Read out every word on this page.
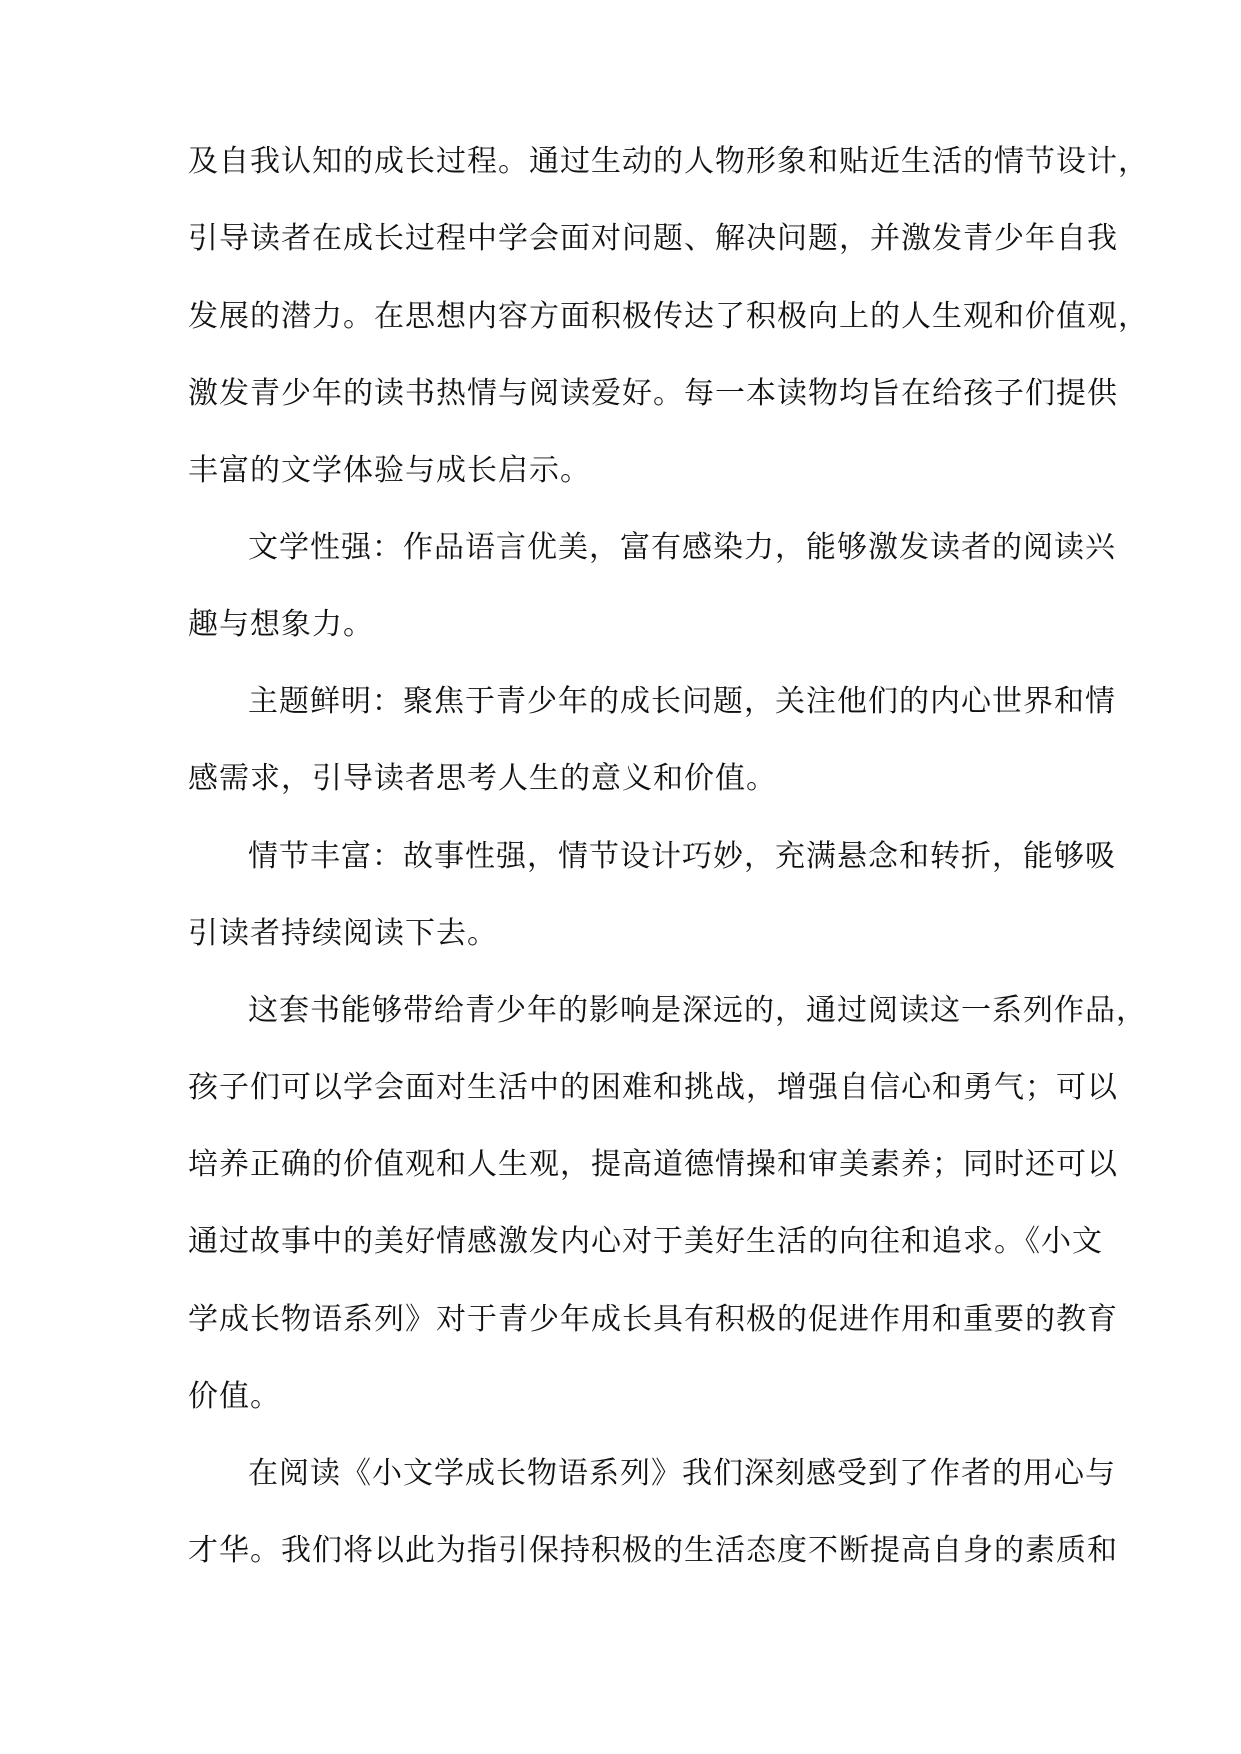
及自我认知的成长过程。通过生动的人物形象和贴近生活的情节设计，
引导读者在成长过程中学会面对问题、解决问题，并激发青少年自我
发展的潜力。在思想内容方面积极传达了积极向上的人生观和价值观，
激发青少年的读书热情与阅读爱好。每一本读物均旨在给孩子们提供
丰富的文学体验与成长启示。
文学性强：作品语言优美，富有感染力，能够激发读者的阅读兴
趣与想象力。
主题鲜明：聚焦于青少年的成长问题，关注他们的内心世界和情
感需求，引导读者思考人生的意义和价值。
情节丰富：故事性强，情节设计巧妙，充满悬念和转折，能够吸
引读者持续阅读下去。
这套书能够带给青少年的影响是深远的，通过阅读这一系列作品，
孩子们可以学会面对生活中的困难和挑战，增强自信心和勇气；可以
培养正确的价值观和人生观，提高道德情操和审美素养；同时还可以
通过故事中的美好情感激发内心对于美好生活的向往和追求。《小文
学成长物语系列》对于青少年成长具有积极的促进作用和重要的教育
价值。
在阅读《小文学成长物语系列》我们深刻感受到了作者的用心与
才华。我们将以此为指引保持积极的生活态度不断提高自身的素质和
